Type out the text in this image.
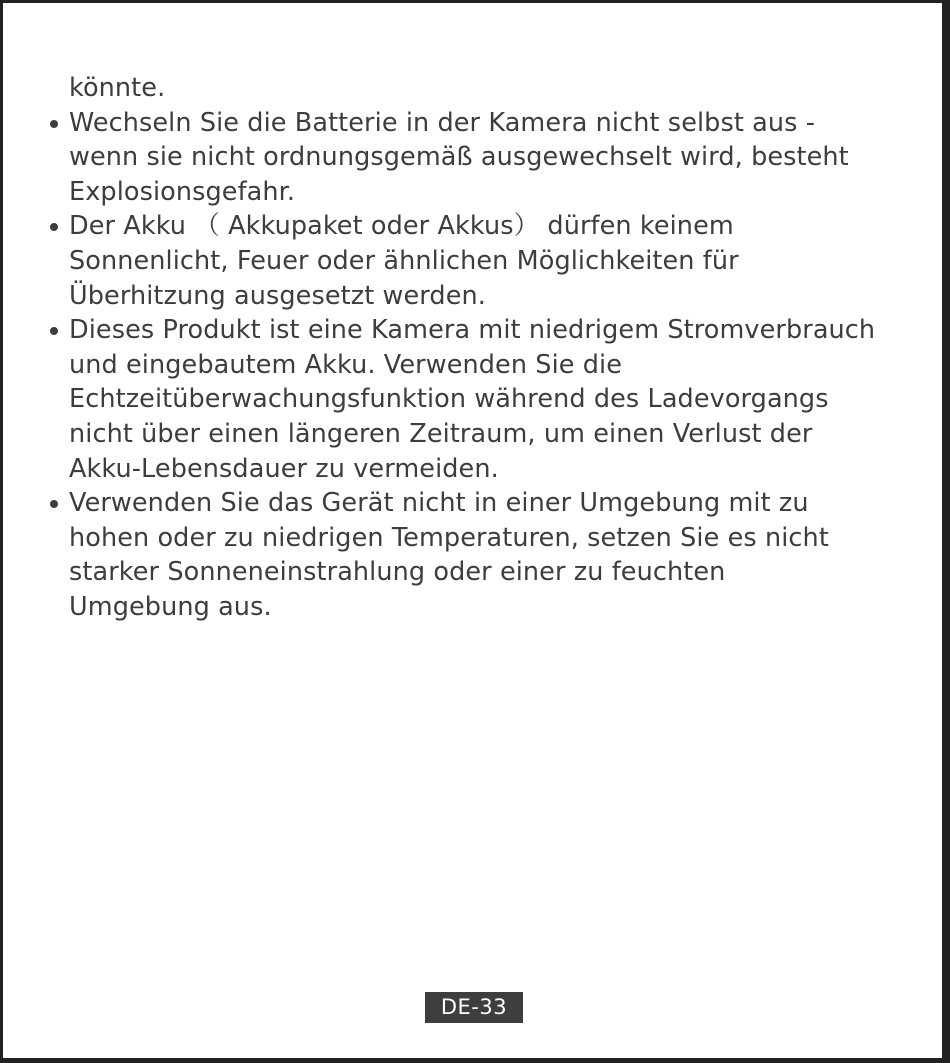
könnte.
Wechseln Sie die Batterie in der Kamera nicht selbst aus -
wenn sie nicht ordnungsgemäß ausgewechselt wird, besteht
Explosionsgefahr.
Der Akku （ Akkupaket oder Akkus） dürfen keinem
Sonnenlicht, Feuer oder ähnlichen Möglichkeiten für
Überhitzung ausgesetzt werden.
Dieses Produkt ist eine Kamera mit niedrigem Stromverbrauch
und eingebautem Akku. Verwenden Sie die
Echtzeitüberwachungsfunktion während des Ladevorgangs
nicht über einen längeren Zeitraum, um einen Verlust der
Akku-Lebensdauer zu vermeiden.
Verwenden Sie das Gerät nicht in einer Umgebung mit zu
hohen oder zu niedrigen Temperaturen, setzen Sie es nicht
starker Sonneneinstrahlung oder einer zu feuchten
Umgebung aus.
DE-33
